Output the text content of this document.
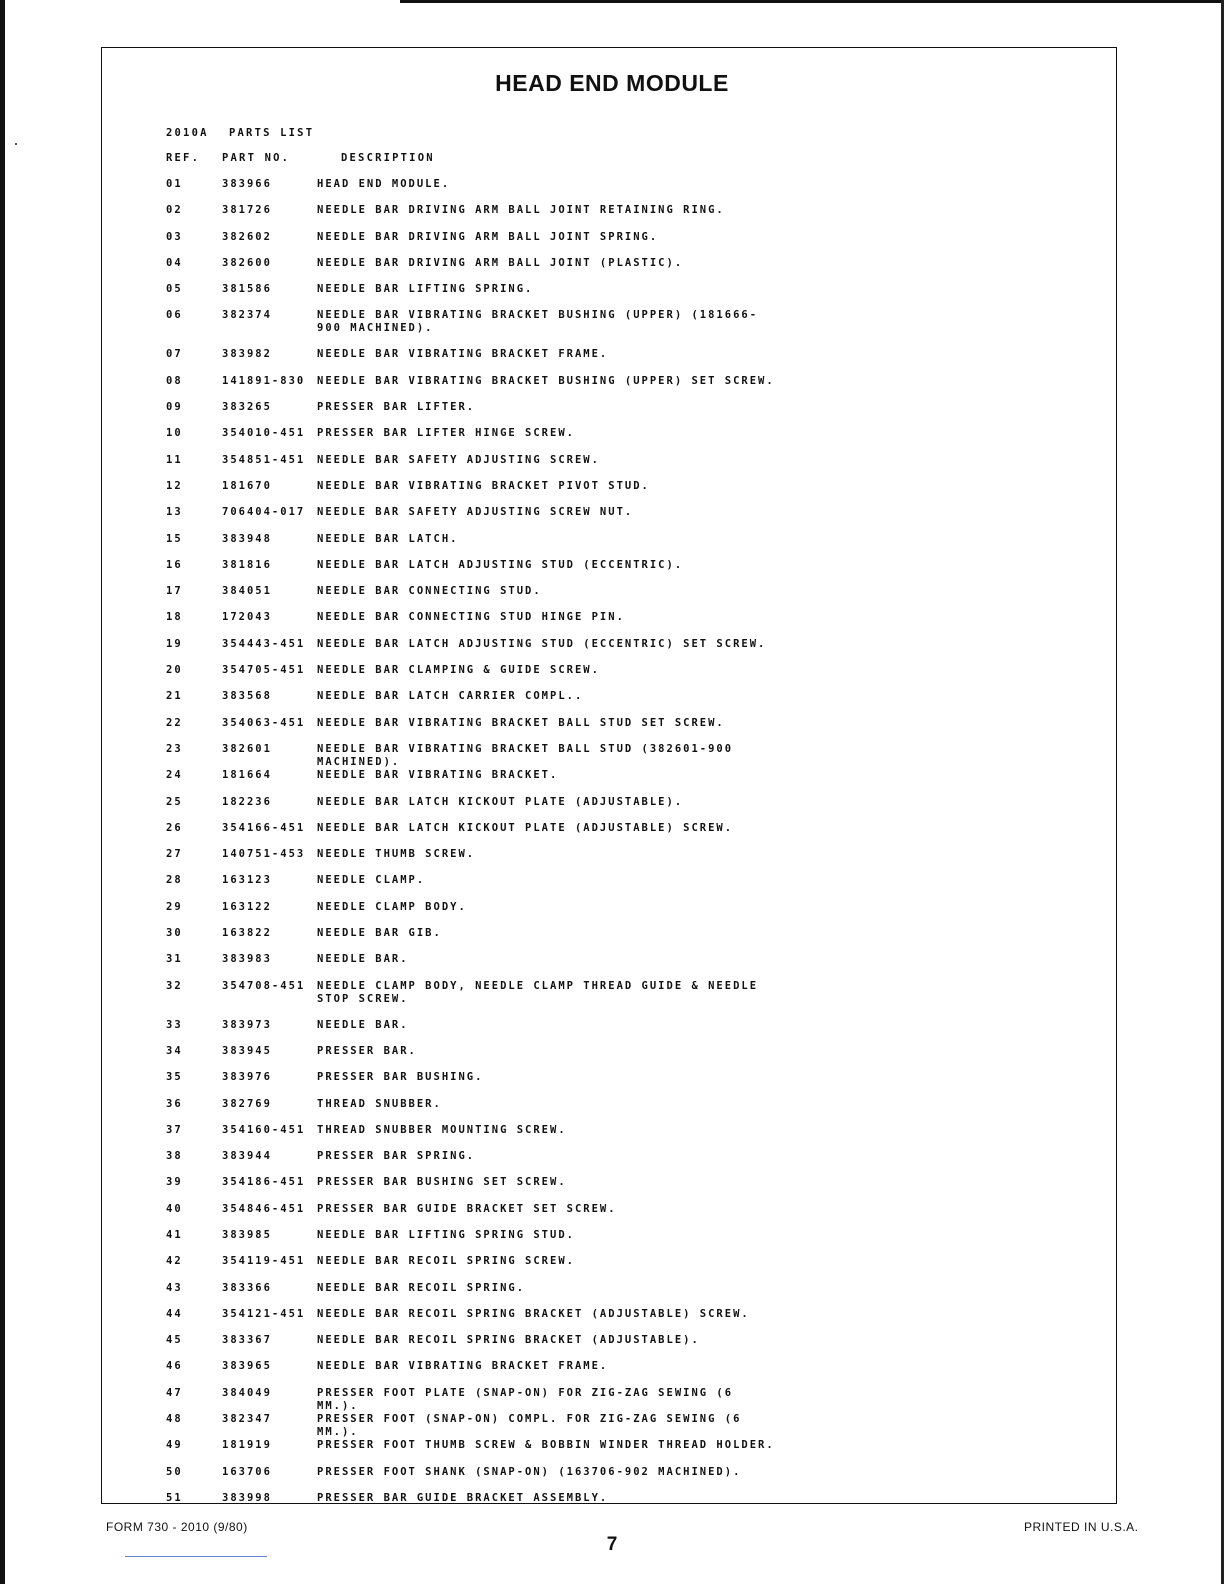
HEAD END MODULE
2010A PARTS LIST
REF. PART NO.	DESCRIPTION
01	383966	HEAD END MODULE.
02	381726	NEEDLE BAR DRIVING ARM BALL JOINT RETAINING RING.
03	382602	NEEDLE BAR DRIVING ARM BALL JOINT SPRING.
04	382600	NEEDLE BAR DRIVING ARM BALL JOINT (PLASTIC).
05	381586	NEEDLE BAR LIFTING SPRING.
06	382374	NEEDLE BAR VIBRATING BRACKET BUSHING (UPPER) (181666-900 MACHINED).
07	383982	NEEDLE BAR VIBRATING BRACKET FRAME.
08	141891-830	NEEDLE BAR VIBRATING BRACKET BUSHING (UPPER) SET SCREW.
09	383265	PRESSER BAR LIFTER.
10	354010-451	PRESSER BAR LIFTER HINGE SCREW.
11	354851-451	NEEDLE BAR SAFETY ADJUSTING SCREW.
12	181670	NEEDLE BAR VIBRATING BRACKET PIVOT STUD.
13	706404-017	NEEDLE BAR SAFETY ADJUSTING SCREW NUT.
15	383948	NEEDLE BAR LATCH.
16	381816	NEEDLE BAR LATCH ADJUSTING STUD (ECCENTRIC).
17	384051	NEEDLE BAR CONNECTING STUD.
18	172043	NEEDLE BAR CONNECTING STUD HINGE PIN.
19	354443-451	NEEDLE BAR LATCH ADJUSTING STUD (ECCENTRIC) SET SCREW.
20	354705-451	NEEDLE BAR CLAMPING & GUIDE SCREW.
21	383568	NEEDLE BAR LATCH CARRIER COMPL..
22	354063-451	NEEDLE BAR VIBRATING BRACKET BALL STUD SET SCREW.
23	382601	NEEDLE BAR VIBRATING BRACKET BALL STUD (382601-900 MACHINED).
24	181664	NEEDLE BAR VIBRATING BRACKET.
25	182236	NEEDLE BAR LATCH KICKOUT PLATE (ADJUSTABLE).
26	354166-451	NEEDLE BAR LATCH KICKOUT PLATE (ADJUSTABLE) SCREW.
27	140751-453	NEEDLE THUMB SCREW.
28	163123	NEEDLE CLAMP.
29	163122	NEEDLE CLAMP BODY.
30	163822	NEEDLE BAR GIB.
31	383983	NEEDLE BAR.
32	354708-451	NEEDLE CLAMP BODY, NEEDLE CLAMP THREAD GUIDE & NEEDLE STOP SCREW.
33	383973	NEEDLE BAR.
34	383945	PRESSER BAR.
35	383976	PRESSER BAR BUSHING.
36	382769	THREAD SNUBBER.
37	354160-451	THREAD SNUBBER MOUNTING SCREW.
38	383944	PRESSER BAR SPRING.
39	354186-451	PRESSER BAR BUSHING SET SCREW.
40	354846-451	PRESSER BAR GUIDE BRACKET SET SCREW.
41	383985	NEEDLE BAR LIFTING SPRING STUD.
42	354119-451	NEEDLE BAR RECOIL SPRING SCREW.
43	383366	NEEDLE BAR RECOIL SPRING.
44	354121-451	NEEDLE BAR RECOIL SPRING BRACKET (ADJUSTABLE) SCREW.
45	383367	NEEDLE BAR RECOIL SPRING BRACKET (ADJUSTABLE).
46	383965	NEEDLE BAR VIBRATING BRACKET FRAME.
47	384049	PRESSER FOOT PLATE (SNAP-ON) FOR ZIG-ZAG SEWING (6 MM.).
48	382347	PRESSER FOOT (SNAP-ON) COMPL. FOR ZIG-ZAG SEWING (6 MM.).
49	181919	PRESSER FOOT THUMB SCREW & BOBBIN WINDER THREAD HOLDER.
50	163706	PRESSER FOOT SHANK (SNAP-ON) (163706-902 MACHINED).
51	383998	PRESSER BAR GUIDE BRACKET ASSEMBLY.
FORM 730 - 2010 (9/80)	PRINTED IN U.S.A.
7
